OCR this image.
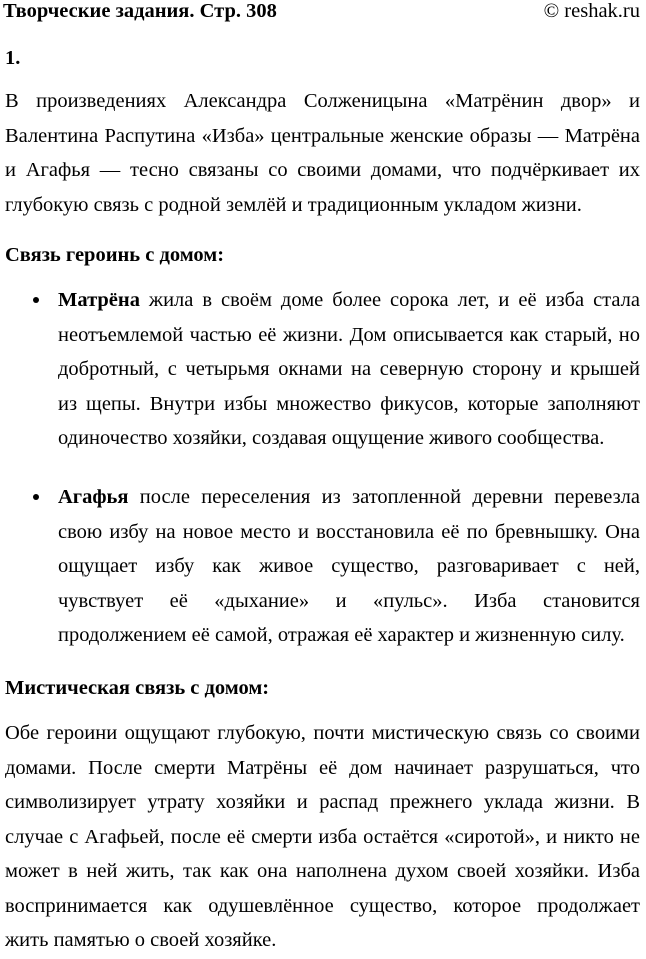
Творческие задания. Стр. 308	© reshak.ru
1.
В произведениях Александра Солженицына «Матрёнин двор» и
Валентина Распутина «Изба» центральные женские образы — Матрёна
и Агафья — тесно связаны со своими домами, что подчёркивает их
глубокую связь с родной землёй и традиционным укладом жизни.
Связь героинь с домом:
Матрёна жила в своём доме более сорока лет, и её изба стала
неотъемлемой частью её жизни. Дом описывается как старый, но
добротный, с четырьмя окнами на северную сторону и крышей
из щепы. Внутри избы множество фикусов, которые заполняют
одиночество хозяйки, создавая ощущение живого сообщества.
Агафья после переселения из затопленной деревни перевезла
свою избу на новое место и восстановила её по бревнышку. Она
ощущает избу как живое существо, разговаривает с ней,
чувствует её «дыхание» и «пульс». Изба становится
продолжением её самой, отражая её характер и жизненную силу.
Мистическая связь с домом:
Обе героини ощущают глубокую, почти мистическую связь со своими
домами. После смерти Матрёны её дом начинает разрушаться, что
символизирует утрату хозяйки и распад прежнего уклада жизни. В
случае с Агафьей, после её смерти изба остаётся «сиротой», и никто не
может в ней жить, так как она наполнена духом своей хозяйки. Изба
воспринимается как одушевлённое существо, которое продолжает
жить памятью о своей хозяйке.
